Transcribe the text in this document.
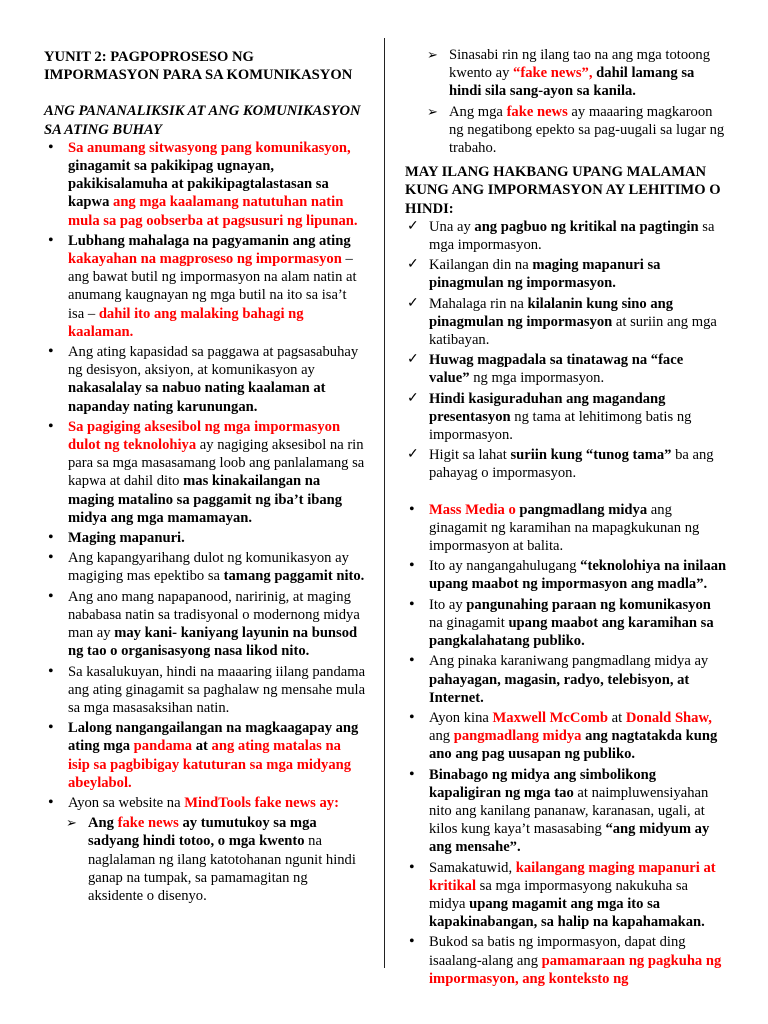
YUNIT 2: PAGPOPROSESO NG IMPORMASYON PARA SA KOMUNIKASYON

ANG PANANALIKSIK AT ANG KOMUNIKASYON SA ATING BUHAY

• Sa anumang sitwasyong pang komunikasyon, ginagamit sa pakikipag ugnayan, pakikisalamuha at pakikipagtalastasan sa kapwa ang mga kaalamang natutuhan natin mula sa pag oobserba at pagsusuri ng lipunan.
• Lubhang mahalaga na pagyamanin ang ating kakayahan na magproseso ng impormasyon – ang bawat butil ng impormasyon na alam natin at anumang kaugnayan ng mga butil na ito sa isa’t isa – dahil ito ang malaking bahagi ng kaalaman.
• Ang ating kapasidad sa paggawa at pagsasabuhay ng desisyon, aksiyon, at komunikasyon ay nakasalalay sa nabuo nating kaalaman at napanday nating karunungan.
• Sa pagiging aksesibol ng mga impormasyon dulot ng teknolohiya ay nagiging aksesibol na rin para sa mga masasamang loob ang panlalamang sa kapwa at dahil dito mas kinakailangan na maging matalino sa paggamit ng iba’t ibang midya ang mga mamamayan.
• Maging mapanuri.
• Ang kapangyarihang dulot ng komunikasyon ay magiging mas epektibo sa tamang paggamit nito.
• Ang ano mang napapanood, naririnig, at maging nababasa natin sa tradisyonal o modernong midya man ay may kani- kaniyang layunin na bunsod ng tao o organisasyong nasa likod nito.
• Sa kasalukuyan, hindi na maaaring iilang pandama ang ating ginagamit sa paghalaw ng mensahe mula sa mga masasaksihan natin.
• Lalong nangangailangan na magkaagapay ang ating mga pandama at ang ating matalas na isip sa pagbibigay katuturan sa mga midyang abeylabol.
• Ayon sa website na MindTools fake news ay:
➢ Ang fake news ay tumutukoy sa mga sadyang hindi totoo, o mga kwento na naglalaman ng ilang katotohanan ngunit hindi ganap na tumpak, sa pamamagitan ng aksidente o disenyo.
➢ Sinasabi rin ng ilang tao na ang mga totoong kwento ay “fake news”, dahil lamang sa hindi sila sang-ayon sa kanila.
➢ Ang mga fake news ay maaaring magkaroon ng negatibong epekto sa pag-uugali sa lugar ng trabaho.

MAY ILANG HAKBANG UPANG MALAMAN KUNG ANG IMPORMASYON AY LEHITIMO O HINDI:

✓ Una ay ang pagbuo ng kritikal na pagtingin sa mga impormasyon.
✓ Kailangan din na maging mapanuri sa pinagmulan ng impormasyon.
✓ Mahalaga rin na kilalanin kung sino ang pinagmulan ng impormasyon at suriin ang mga katibayan.
✓ Huwag magpadala sa tinatawag na “face value” ng mga impormasyon.
✓ Hindi kasiguraduhan ang magandang presentasyon ng tama at lehitimong batis ng impormasyon.
✓ Higit sa lahat suriin kung “tunog tama” ba ang pahayag o impormasyon.
• Mass Media o pangmadlang midya ang ginagamit ng karamihan na mapagkukunan ng impormasyon at balita.
• Ito ay nangangahulugang “teknolohiya na inilaan upang maabot ng impormasyon ang madla”.
• Ito ay pangunahing paraan ng komunikasyon na ginagamit upang maabot ang karamihan sa pangkalahatang publiko.
• Ang pinaka karaniwang pangmadlang midya ay pahayagan, magasin, radyo, telebisyon, at Internet.
• Ayon kina Maxwell McComb at Donald Shaw, ang pangmadlang midya ang nagtatakda kung ano ang pag uusapan ng publiko.
• Binabago ng midya ang simbolikong kapaligiran ng mga tao at naimpluwensiyahan nito ang kanilang pananaw, karanasan, ugali, at kilos kung kaya’t masasabing “ang midyum ay ang mensahe”.
• Samakatuwid, kailangang maging mapanuri at kritikal sa mga impormasyong nakukuha sa midya upang magamit ang mga ito sa kapakinabangan, sa halip na kapahamakan.
• Bukod sa batis ng impormasyon, dapat ding isaalang-alang ang pamamaraan ng pagkuha ng impormasyon, ang konteksto ng
